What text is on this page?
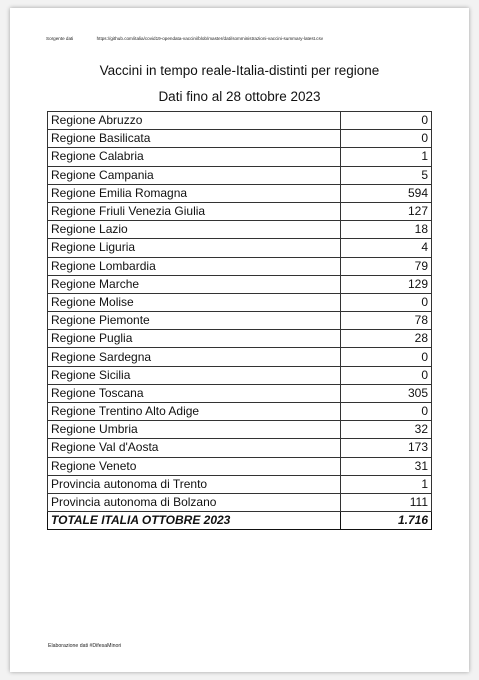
Sorgente dati	https://github.com/italia/covid19-opendata-vaccini/blob/master/dati/somministrazioni-vaccini-summary-latest.csv
Vaccini in tempo reale-Italia-distinti per regione
Dati fino al 28 ottobre 2023
Regione Abruzzo	0
Regione Basilicata	0
Regione Calabria	1
Regione Campania	5
Regione Emilia Romagna	594
Regione Friuli Venezia Giulia	127
Regione Lazio	18
Regione Liguria	4
Regione Lombardia	79
Regione Marche	129
Regione Molise	0
Regione Piemonte	78
Regione Puglia	28
Regione Sardegna	0
Regione Sicilia	0
Regione Toscana	305
Regione Trentino Alto Adige	0
Regione Umbria	32
Regione Val d'Aosta	173
Regione Veneto	31
Provincia autonoma di Trento	1
Provincia autonoma di Bolzano	111
TOTALE ITALIA OTTOBRE 2023	1.716
Elaborazione dati #DifesaMinori
